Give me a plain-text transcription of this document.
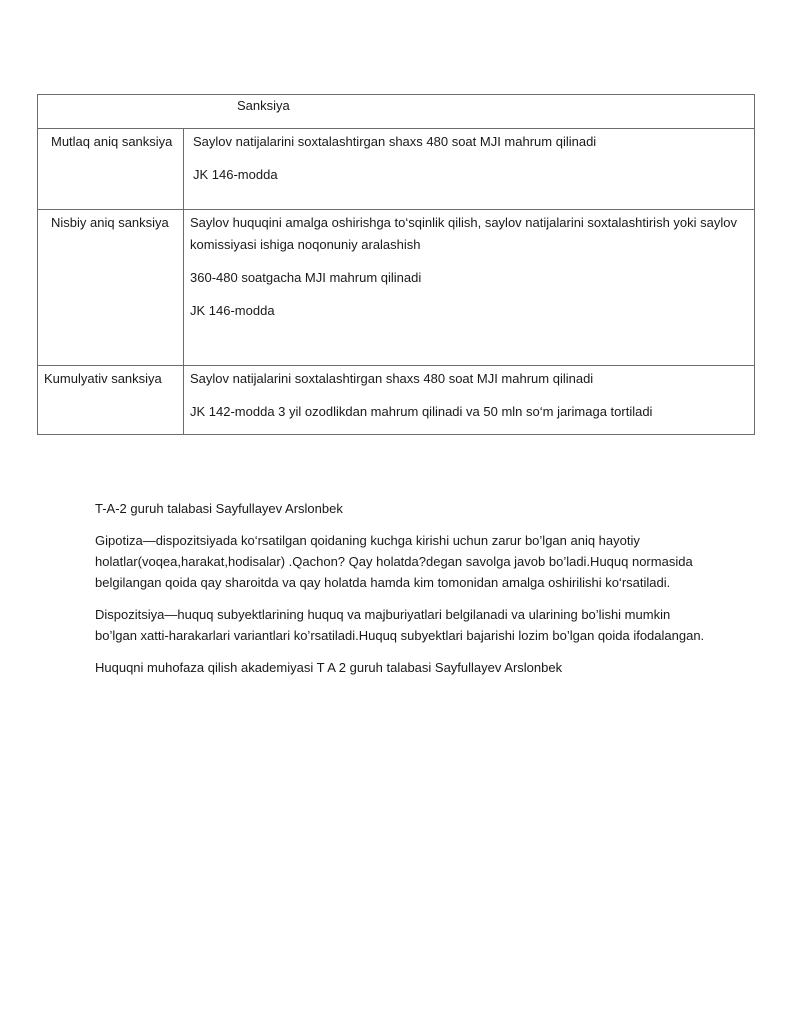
Sanksiya	

Mutlaq aniq sanksiya	Saylov natijalarini soxtalashtirgan shaxs 480 soat MJI mahrum qilinadi

JK 146-modda

Nisbiy aniq sanksiya	Saylov huquqini amalga oshirishga to‘sqinlik qilish, saylov natijalarini soxtalashtirish yoki saylov komissiyasi ishiga noqonuniy aralashish

360-480 soatgacha MJI mahrum qilinadi

JK 146-modda

Kumulyativ sanksiya	Saylov natijalarini soxtalashtirgan shaxs 480 soat MJI mahrum qilinadi

JK 142-modda 3 yil ozodlikdan mahrum qilinadi va 50 mln so‘m jarimaga tortiladi

T-A-2 guruh talabasi Sayfullayev Arslonbek

Gipotiza—dispozitsiyada ko‘rsatilgan qoidaning kuchga kirishi uchun zarur bo’lgan aniq hayotiy holatlar(voqea,harakat,hodisalar) .Qachon? Qay holatda?degan savolga javob bo’ladi.Huquq normasida belgilangan qoida qay sharoitda va qay holatda hamda kim tomonidan amalga oshirilishi ko‘rsatiladi.

Dispozitsiya—huquq subyektlarining huquq va majburiyatlari belgilanadi va ularining bo’lishi mumkin bo’lgan xatti-harakarlari variantlari ko’rsatiladi.Huquq subyektlari bajarishi lozim bo’lgan qoida ifodalangan.

Huquqni muhofaza qilish akademiyasi T A 2 guruh talabasi Sayfullayev Arslonbek
